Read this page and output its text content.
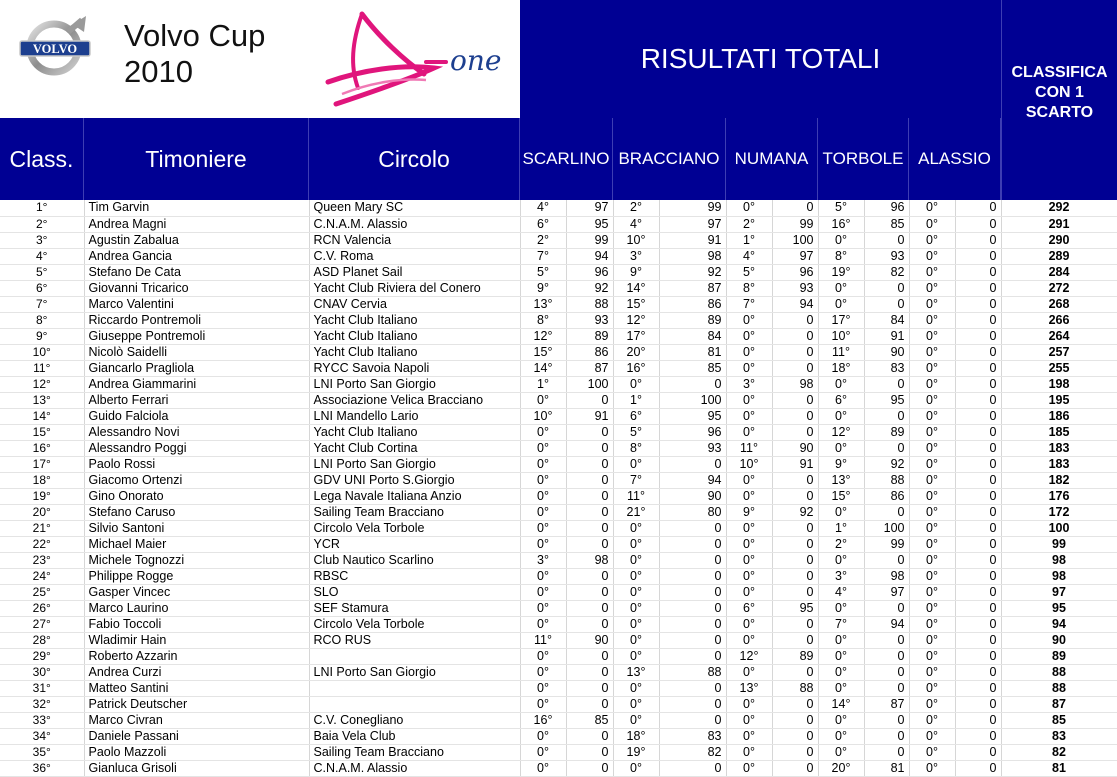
VOLVO Volvo Cup
2010	one	RISULTATI TOTALI	CLASSIFICA
CON 1
SCARTO
Class.	Timoniere	Circolo	SCARLINO BRACCIANO NUMANA TORBOLE ALASSIO
1°	Tim Garvin	Queen Mary SC	4°	97	2°	99	0°	0	5°	96	0°	0	292
2°	Andrea Magni	C.N.A.M. Alassio	6°	95	4°	97	2°	99	16°	85	0°	0	291
3°	Agustin Zabalua	RCN Valencia	2°	99	10°	91	1°	100	0°	0	0°	0	290
4°	Andrea Gancia	C.V. Roma	7°	94	3°	98	4°	97	8°	93	0°	0	289
5°	Stefano De Cata	ASD Planet Sail	5°	96	9°	92	5°	96	19°	82	0°	0	284
6°	Giovanni Tricarico	Yacht Club Riviera del Conero	9°	92	14°	87	8°	93	0°	0	0°	0	272
7°	Marco Valentini	CNAV Cervia	13°	88	15°	86	7°	94	0°	0	0°	0	268
8°	Riccardo Pontremoli	Yacht Club Italiano	8°	93	12°	89	0°	0	17°	84	0°	0	266
9°	Giuseppe Pontremoli	Yacht Club Italiano	12°	89	17°	84	0°	0	10°	91	0°	0	264
10°	Nicolò Saidelli	Yacht Club Italiano	15°	86	20°	81	0°	0	11°	90	0°	0	257
11°	Giancarlo Pragliola	RYCC Savoia Napoli	14°	87	16°	85	0°	0	18°	83	0°	0	255
12°	Andrea Giammarini	LNI Porto San Giorgio	1°	100	0°	0	3°	98	0°	0	0°	0	198
13°	Alberto Ferrari	Associazione Velica Bracciano	0°	0	1°	100	0°	0	6°	95	0°	0	195
14°	Guido Falciola	LNI Mandello Lario	10°	91	6°	95	0°	0	0°	0	0°	0	186
15°	Alessandro Novi	Yacht Club Italiano	0°	0	5°	96	0°	0	12°	89	0°	0	185
16°	Alessandro Poggi	Yacht Club Cortina	0°	0	8°	93	11°	90	0°	0	0°	0	183
17°	Paolo Rossi	LNI Porto San Giorgio	0°	0	0°	0	10°	91	9°	92	0°	0	183
18°	Giacomo Ortenzi	GDV UNI Porto S.Giorgio	0°	0	7°	94	0°	0	13°	88	0°	0	182
19°	Gino Onorato	Lega Navale Italiana Anzio	0°	0	11°	90	0°	0	15°	86	0°	0	176
20°	Stefano Caruso	Sailing Team Bracciano	0°	0	21°	80	9°	92	0°	0	0°	0	172
21°	Silvio Santoni	Circolo Vela Torbole	0°	0	0°	0	0°	0	1°	100	0°	0	100
22°	Michael Maier	YCR	0°	0	0°	0	0°	0	2°	99	0°	0	99
23°	Michele Tognozzi	Club Nautico Scarlino	3°	98	0°	0	0°	0	0°	0	0°	0	98
24°	Philippe Rogge	RBSC	0°	0	0°	0	0°	0	3°	98	0°	0	98
25°	Gasper Vincec	SLO	0°	0	0°	0	0°	0	4°	97	0°	0	97
26°	Marco Laurino	SEF Stamura	0°	0	0°	0	6°	95	0°	0	0°	0	95
27°	Fabio Toccoli	Circolo Vela Torbole	0°	0	0°	0	0°	0	7°	94	0°	0	94
28°	Wladimir Hain	RCO RUS	11°	90	0°	0	0°	0	0°	0	0°	0	90
29°	Roberto Azzarin		0°	0	0°	0	12°	89	0°	0	0°	0	89
30°	Andrea Curzi	LNI Porto San Giorgio	0°	0	13°	88	0°	0	0°	0	0°	0	88
31°	Matteo Santini		0°	0	0°	0	13°	88	0°	0	0°	0	88
32°	Patrick Deutscher		0°	0	0°	0	0°	0	14°	87	0°	0	87
33°	Marco Civran	C.V. Conegliano	16°	85	0°	0	0°	0	0°	0	0°	0	85
34°	Daniele Passani	Baia Vela Club	0°	0	18°	83	0°	0	0°	0	0°	0	83
35°	Paolo Mazzoli	Sailing Team Bracciano	0°	0	19°	82	0°	0	0°	0	0°	0	82
36°	Gianluca Grisoli	C.N.A.M. Alassio	0°	0	0°	0	0°	0	20°	81	0°	0	81
